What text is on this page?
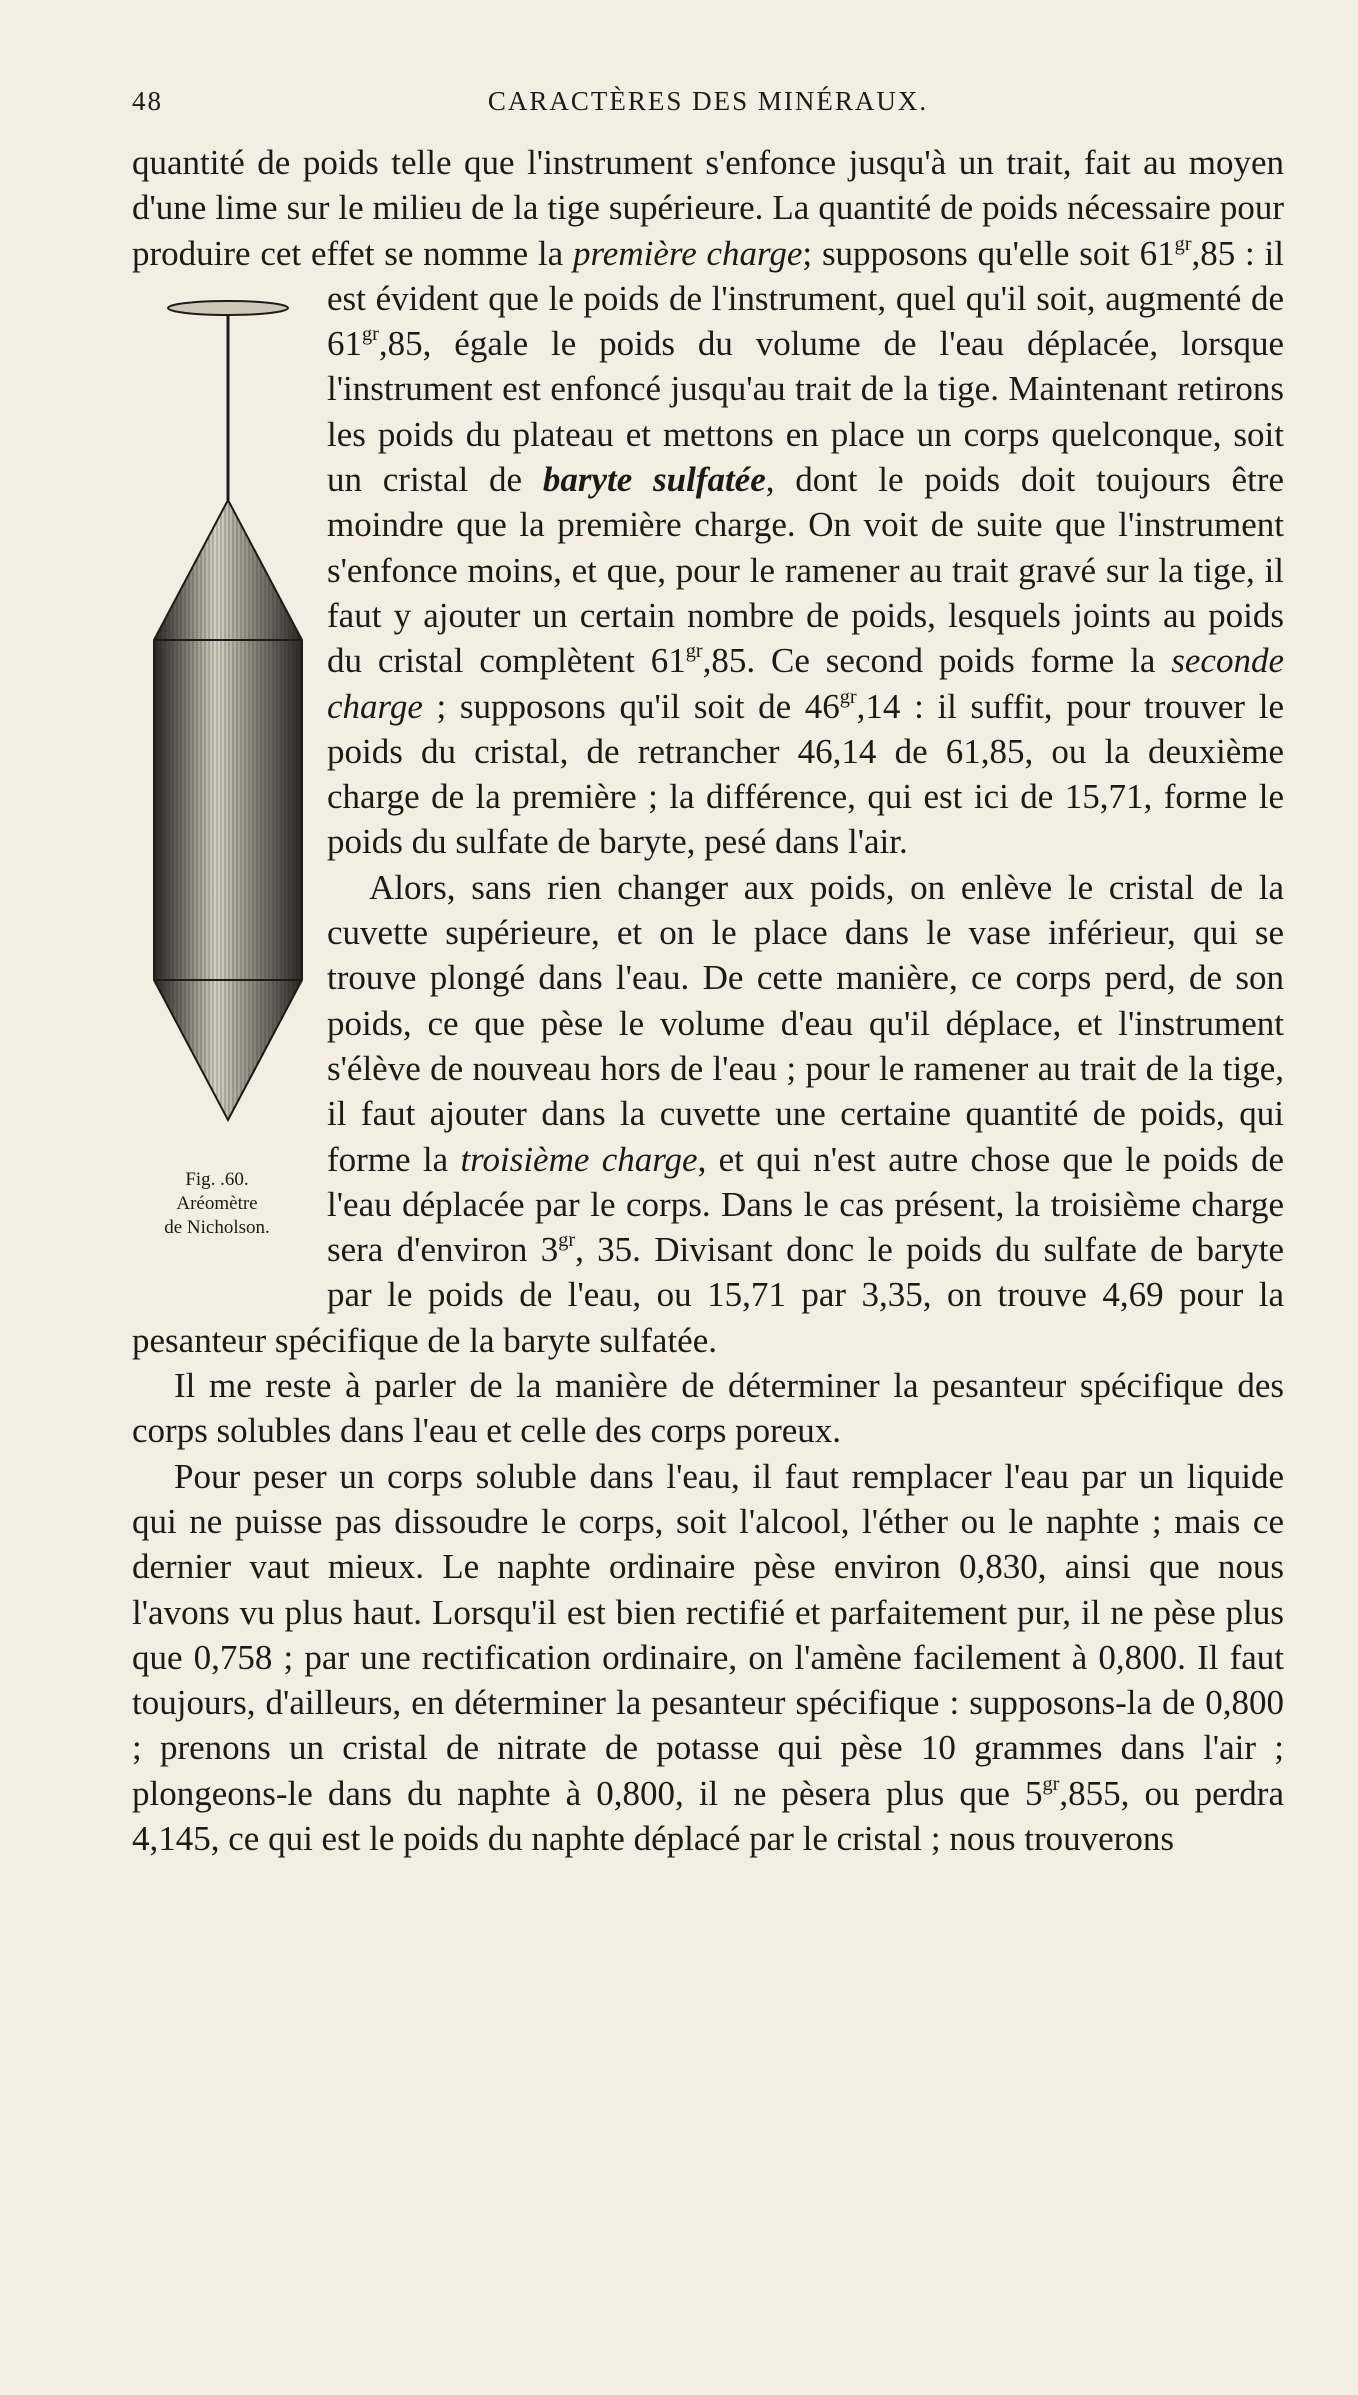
48	CARACTÈRES DES MINÉRAUX.

quantité de poids telle que l'instrument s'enfonce jusqu'à un trait, fait au moyen d'une lime sur le milieu de la tige supérieure. La quantité de poids nécessaire pour produire cet effet se nomme la première charge; supposons qu'elle soit $61^{gr},85$ : il est évident que
Fig. .60.
Aréomètre
de Nicholson.
le poids de l'instrument, quel qu'il soit, augmenté de $61^{gr},85$, égale le poids du volume de l'eau déplacée, lorsque l'instrument est enfoncé jusqu'au trait de la tige. Maintenant retirons les poids du plateau et mettons en place un corps quelconque, soit un cristal de baryte sulfatée, dont le poids doit toujours être moindre que la première charge. On voit de suite que l'instrument s'enfonce moins, et que, pour le ramener au trait gravé sur la tige, il faut y ajouter un certain nombre de poids, lesquels joints au poids du cristal complètent $61^{gr},85$. Ce second poids forme la seconde charge ; supposons qu'il soit de $46^{gr},14$ : il suffit, pour trouver le poids du cristal, de retrancher 46,14 de 61,85, ou la deuxième charge de la première ; la différence, qui est ici de 15,71, forme le poids du sulfate de baryte, pesé dans l'air.

Alors, sans rien changer aux poids, on enlève le cristal de la cuvette supérieure, et on le place dans le vase inférieur, qui se trouve plongé dans l'eau. De cette manière, ce corps perd, de son poids, ce que pèse le volume d'eau qu'il déplace, et l'instrument s'élève de nouveau hors de l'eau ; pour le ramener au trait de la tige, il faut ajouter dans la cuvette une certaine quantité de poids, qui forme la troisième charge, et qui n'est autre chose que le poids de l'eau déplacée par le corps. Dans le cas présent, la troisième charge sera d'environ $3^{gr}$, 35. Divisant donc le poids du sulfate de baryte par le poids de l'eau, ou 15,71 par 3,35, on trouve 4,69 pour la pesanteur spécifique de la baryte sulfatée.

Il me reste à parler de la manière de déterminer la pesanteur spécifique des corps solubles dans l'eau et celle des corps poreux.

Pour peser un corps soluble dans l'eau, il faut remplacer l'eau par un liquide qui ne puisse pas dissoudre le corps, soit l'alcool, l'éther ou le naphte ; mais ce dernier vaut mieux. Le naphte ordinaire pèse environ 0,830, ainsi que nous l'avons vu plus haut. Lorsqu'il est bien rectifié et parfaitement pur, il ne pèse plus que 0,758 ; par une rectification ordinaire, on l'amène facilement à 0,800. Il faut toujours, d'ailleurs, en déterminer la pesanteur spécifique : supposons-la de 0,800 ; prenons un cristal de nitrate de potasse qui pèse 10 grammes dans l'air ; plongeons-le dans du naphte à 0,800, il ne pèsera plus que $5^{gr},855$, ou perdra 4,145, ce qui est le poids du naphte déplacé par le cristal ; nous trouverons
